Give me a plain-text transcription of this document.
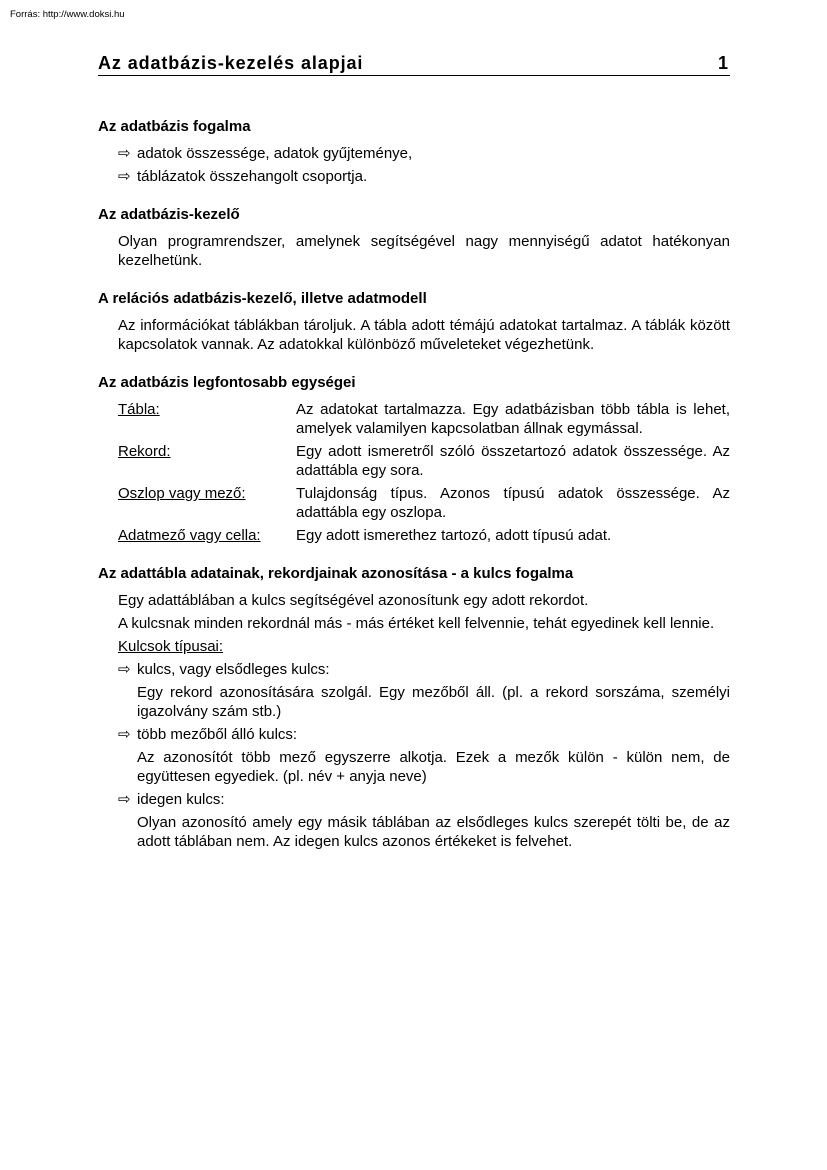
Forrás: http://www.doksi.hu
Az adatbázis-kezelés alapjai	1
Az adatbázis fogalma
⇨ adatok összessége, adatok gyűjteménye,
⇨ táblázatok összehangolt csoportja.
Az adatbázis-kezelő
Olyan programrendszer, amelynek segítségével nagy mennyiségű adatot hatékonyan kezelhetünk.
A relációs adatbázis-kezelő, illetve adatmodell
Az információkat táblákban tároljuk. A tábla adott témájú adatokat tartalmaz. A táblák között kapcsolatok vannak. Az adatokkal különböző műveleteket végezhetünk.
Az adatbázis legfontosabb egységei
Tábla:	Az adatokat tartalmazza. Egy adatbázisban több tábla is lehet, amelyek valamilyen kapcsolatban állnak egymással.
Rekord:	Egy adott ismeretről szóló összetartozó adatok összessége. Az adattábla egy sora.
Oszlop vagy mező:	Tulajdonság típus. Azonos típusú adatok összessége. Az adattábla egy oszlopa.
Adatmező vagy cella:	Egy adott ismerethez tartozó, adott típusú adat.
Az adattábla adatainak, rekordjainak azonosítása - a kulcs fogalma
Egy adattáblában a kulcs segítségével azonosítunk egy adott rekordot.
A kulcsnak minden rekordnál más - más értéket kell felvennie, tehát egyedinek kell lennie.
Kulcsok típusai:
⇨ kulcs, vagy elsődleges kulcs:
Egy rekord azonosítására szolgál. Egy mezőből áll. (pl. a rekord sorszáma, személyi igazolvány szám stb.)
⇨ több mezőből álló kulcs:
Az azonosítót több mező egyszerre alkotja. Ezek a mezők külön - külön nem, de együttesen egyediek. (pl. név + anyja neve)
⇨ idegen kulcs:
Olyan azonosító amely egy másik táblában az elsődleges kulcs szerepét tölti be, de az adott táblában nem. Az idegen kulcs azonos értékeket is felvehet.
